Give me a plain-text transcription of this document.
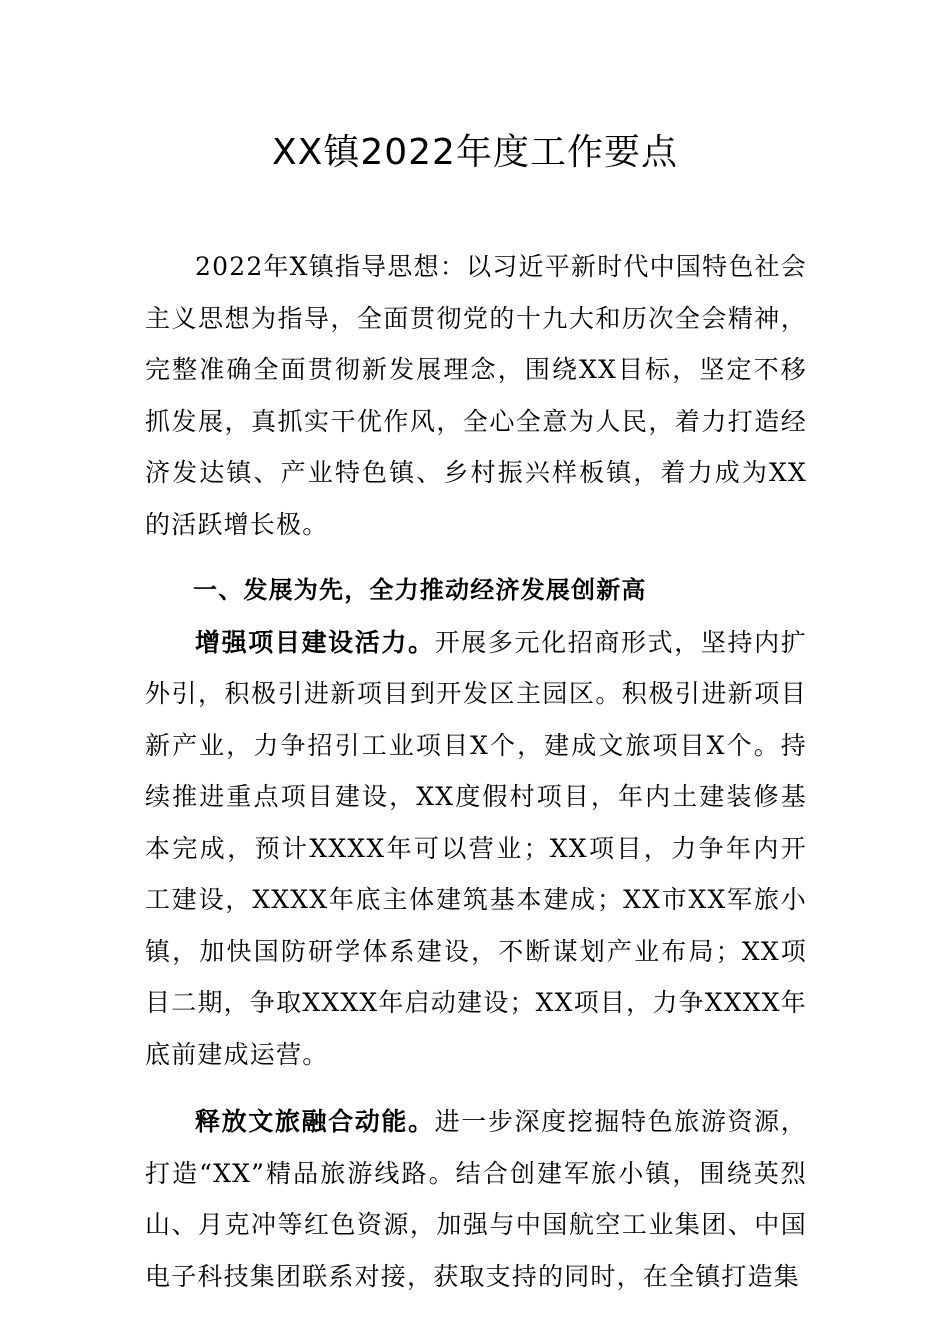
XX镇2022年度工作要点

2022年X镇指导思想：以习近平新时代中国特色社会主义思想为指导，全面贯彻党的十九大和历次全会精神，完整准确全面贯彻新发展理念，围绕XX目标，坚定不移抓发展，真抓实干优作风，全心全意为人民，着力打造经济发达镇、产业特色镇、乡村振兴样板镇，着力成为XX的活跃增长极。

一、发展为先，全力推动经济发展创新高

增强项目建设活力。开展多元化招商形式，坚持内扩外引，积极引进新项目到开发区主园区。积极引进新项目新产业，力争招引工业项目X个，建成文旅项目X个。持续推进重点项目建设，XX度假村项目，年内土建装修基本完成，预计XXXX年可以营业；XX项目，力争年内开工建设，XXXX年底主体建筑基本建成；XX市XX军旅小镇，加快国防研学体系建设，不断谋划产业布局；XX项目二期，争取XXXX年启动建设；XX项目，力争XXXX年底前建成运营。

释放文旅融合动能。进一步深度挖掘特色旅游资源，打造“XX”精品旅游线路。结合创建军旅小镇，围绕英烈山、月克冲等红色资源，加强与中国航空工业集团、中国电子科技集团联系对接，获取支持的同时，在全镇打造集
